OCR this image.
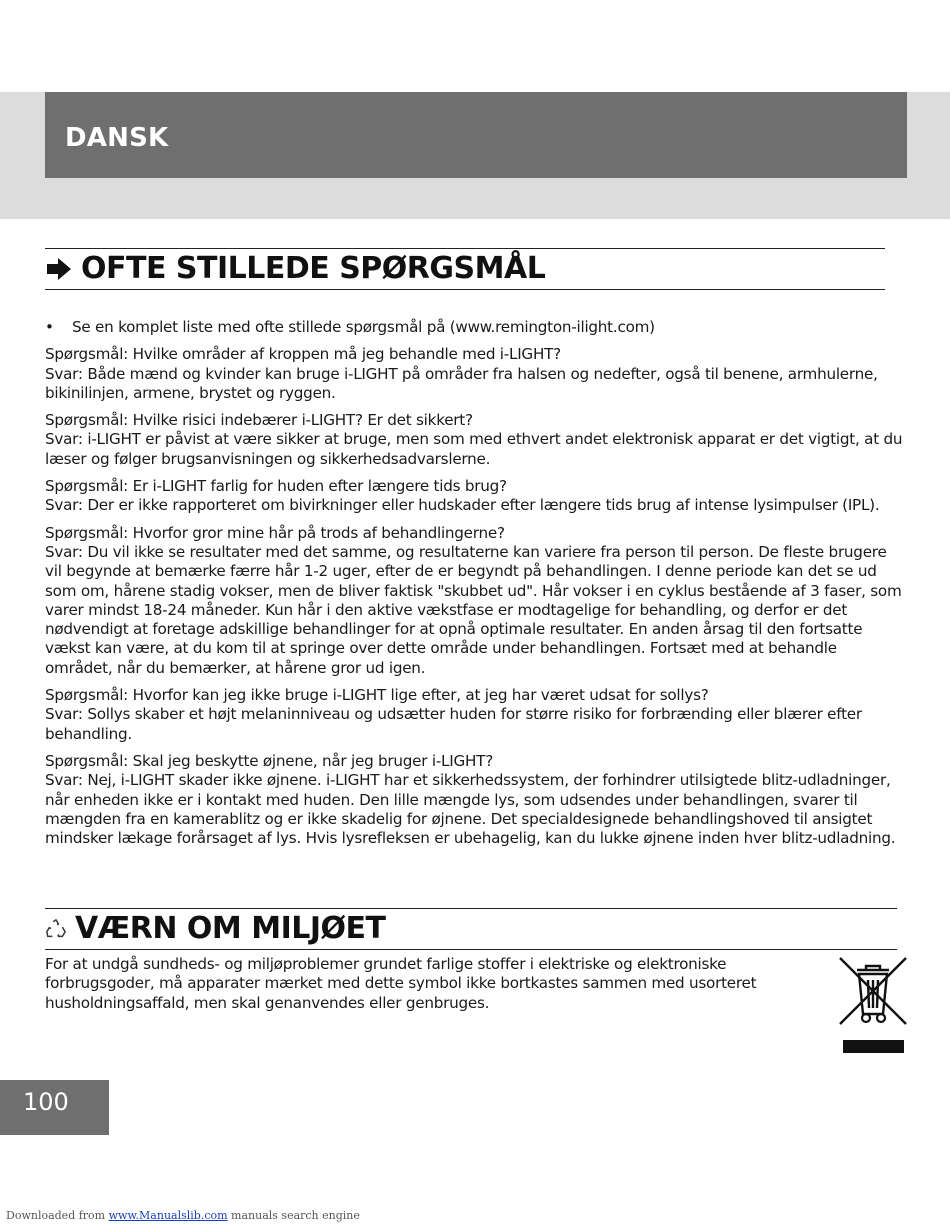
DANSK
OFTE STILLEDE SPØRGSMÅL
•	Se en komplet liste med ofte stillede spørgsmål på (www.remington-ilight.com)
Spørgsmål: Hvilke områder af kroppen må jeg behandle med i-LIGHT?
Svar: Både mænd og kvinder kan bruge i-LIGHT på områder fra halsen og nedefter, også til benene, armhulerne, bikinilinjen, armene, brystet og ryggen.
Spørgsmål: Hvilke risici indebærer i-LIGHT? Er det sikkert?
Svar: i-LIGHT er påvist at være sikker at bruge, men som med ethvert andet elektronisk apparat er det vigtigt, at du læser og følger brugsanvisningen og sikkerhedsadvarslerne.
Spørgsmål: Er i-LIGHT farlig for huden efter længere tids brug?
Svar: Der er ikke rapporteret om bivirkninger eller hudskader efter længere tids brug af intense lysimpulser (IPL).
Spørgsmål: Hvorfor gror mine hår på trods af behandlingerne?
Svar: Du vil ikke se resultater med det samme, og resultaterne kan variere fra person til person. De fleste brugere vil begynde at bemærke færre hår 1-2 uger, efter de er begyndt på behandlingen. I denne periode kan det se ud som om, hårene stadig vokser, men de bliver faktisk "skubbet ud". Hår vokser i en cyklus bestående af 3 faser, som varer mindst 18-24 måneder. Kun hår i den aktive vækstfase er modtagelige for behandling, og derfor er det nødvendigt at foretage adskillige behandlinger for at opnå optimale resultater. En anden årsag til den fortsatte vækst kan være, at du kom til at springe over dette område under behandlingen. Fortsæt med at behandle området, når du bemærker, at hårene gror ud igen.
Spørgsmål: Hvorfor kan jeg ikke bruge i-LIGHT lige efter, at jeg har været udsat for sollys?
Svar: Sollys skaber et højt melaninniveau og udsætter huden for større risiko for forbrænding eller blærer efter behandling.
Spørgsmål: Skal jeg beskytte øjnene, når jeg bruger i-LIGHT?
Svar: Nej, i-LIGHT skader ikke øjnene. i-LIGHT har et sikkerhedssystem, der forhindrer utilsigtede blitz-udladninger, når enheden ikke er i kontakt med huden. Den lille mængde lys, som udsendes under behandlingen, svarer til mængden fra en kamerablitz og er ikke skadelig for øjnene. Det specialdesignede behandlingshoved til ansigtet mindsker lækage forårsaget af lys. Hvis lysrefleksen er ubehagelig, kan du lukke øjnene inden hver blitz-udladning.
VÆRN OM MILJØET
For at undgå sundheds- og miljøproblemer grundet farlige stoffer i elektriske og elektroniske forbrugsgoder, må apparater mærket med dette symbol ikke bortkastes sammen med usorteret husholdningsaffald, men skal genanvendes eller genbruges.
100
Downloaded from www.Manualslib.com manuals search engine
